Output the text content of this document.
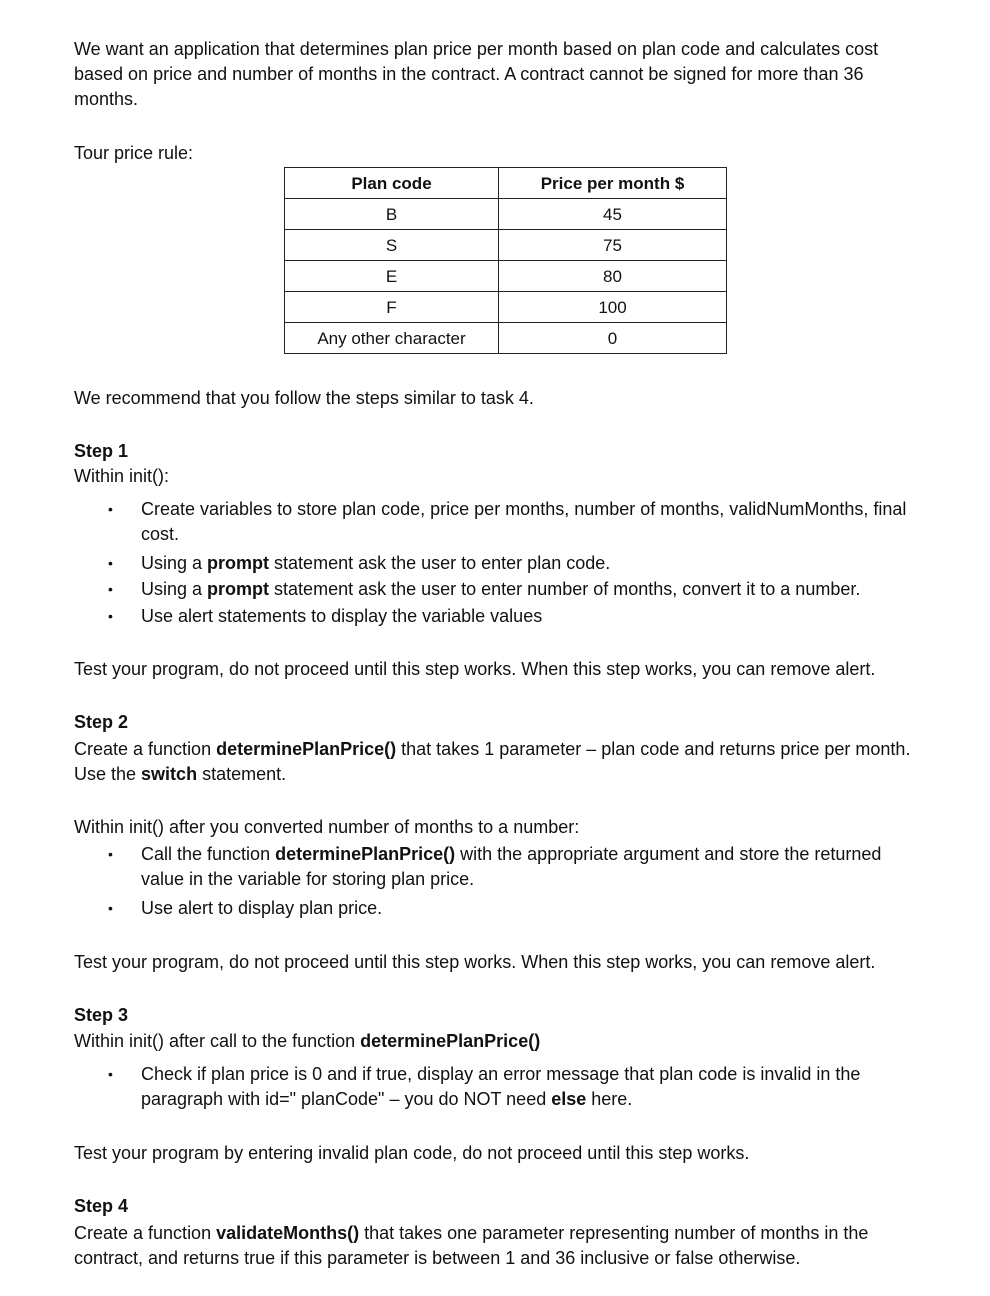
We want an application that determines plan price per month based on plan code and calculates cost based on price and number of months in the contract. A contract cannot be signed for more than 36 months.

Tour price rule:

Plan code	Price per month $
B	45
S	75
E	80
F	100
Any other character	0

We recommend that you follow the steps similar to task 4.

Step 1
Within init():
• Create variables to store plan code, price per months, number of months, validNumMonths, final cost.
• Using a prompt statement ask the user to enter plan code.
• Using a prompt statement ask the user to enter number of months, convert it to a number.
• Use alert statements to display the variable values

Test your program, do not proceed until this step works. When this step works, you can remove alert.

Step 2
Create a function determinePlanPrice() that takes 1 parameter – plan code and returns price per month. Use the switch statement.

Within init() after you converted number of months to a number:

• Call the function determinePlanPrice() with the appropriate argument and store the returned value in the variable for storing plan price.
• Use alert to display plan price.

Test your program, do not proceed until this step works. When this step works, you can remove alert.

Step 3
Within init() after call to the function determinePlanPrice()
• Check if plan price is 0 and if true, display an error message that plan code is invalid in the paragraph with id=" planCode" – you do NOT need else here.

Test your program by entering invalid plan code, do not proceed until this step works.

Step 4
Create a function validateMonths() that takes one parameter representing number of months in the contract, and returns true if this parameter is between 1 and 36 inclusive or false otherwise.
